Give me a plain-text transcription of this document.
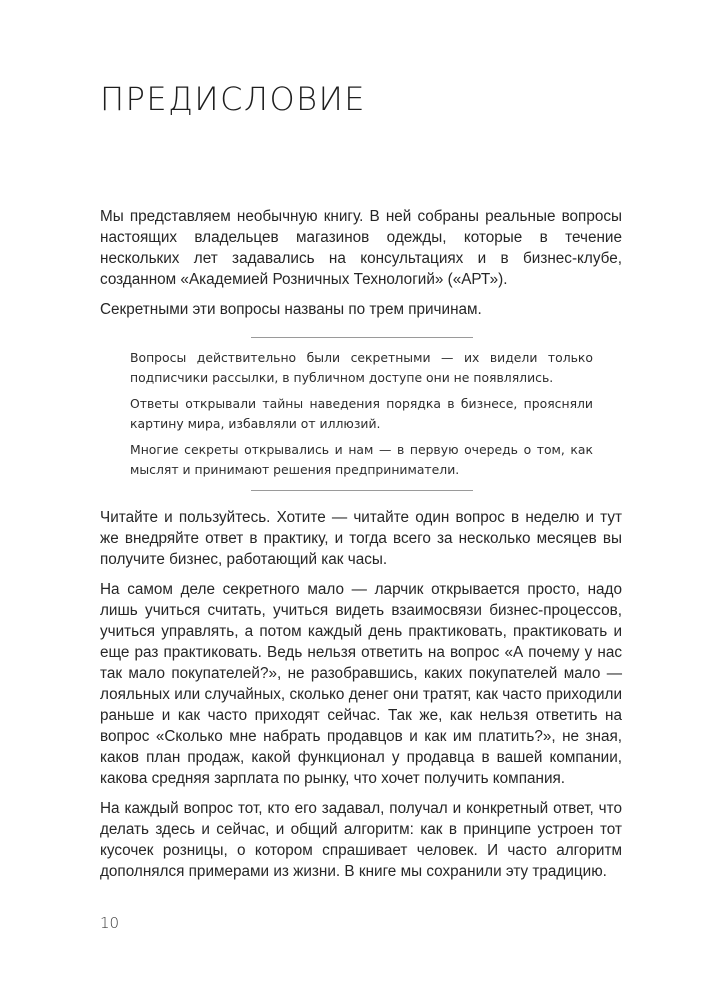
ПРЕДИСЛОВИЕ

Мы представляем необычную книгу. В ней собраны реальные вопросы настоящих владельцев магазинов одежды, которые в течение нескольких лет задавались на консультациях и в бизнес-клубе, созданном «Академией Розничных Технологий» («АРТ»).

Секретными эти вопросы названы по трем причинам.

Вопросы действительно были секретными — их видели только подписчики рассылки, в публичном доступе они не появлялись.

Ответы открывали тайны наведения порядка в бизнесе, проясняли картину мира, избавляли от иллюзий.

Многие секреты открывались и нам — в первую очередь о том, как мыслят и принимают решения предприниматели.

Читайте и пользуйтесь. Хотите — читайте один вопрос в неделю и тут же внедряйте ответ в практику, и тогда всего за несколько месяцев вы получите бизнес, работающий как часы.

На самом деле секретного мало — ларчик открывается просто, надо лишь учиться считать, учиться видеть взаимосвязи бизнес-процессов, учиться управлять, а потом каждый день практиковать, практиковать и еще раз практиковать. Ведь нельзя ответить на вопрос «А почему у нас так мало покупателей?», не разобравшись, каких покупателей мало — лояльных или случайных, сколько денег они тратят, как часто приходили раньше и как часто приходят сейчас. Так же, как нельзя ответить на вопрос «Сколько мне набрать продавцов и как им платить?», не зная, каков план продаж, какой функционал у продавца в вашей компании, какова средняя зарплата по рынку, что хочет получить компания.

На каждый вопрос тот, кто его задавал, получал и конкретный ответ, что делать здесь и сейчас, и общий алгоритм: как в принципе устроен тот кусочек розницы, о котором спрашивает человек. И часто алгоритм дополнялся примерами из жизни. В книге мы сохранили эту традицию.

10
